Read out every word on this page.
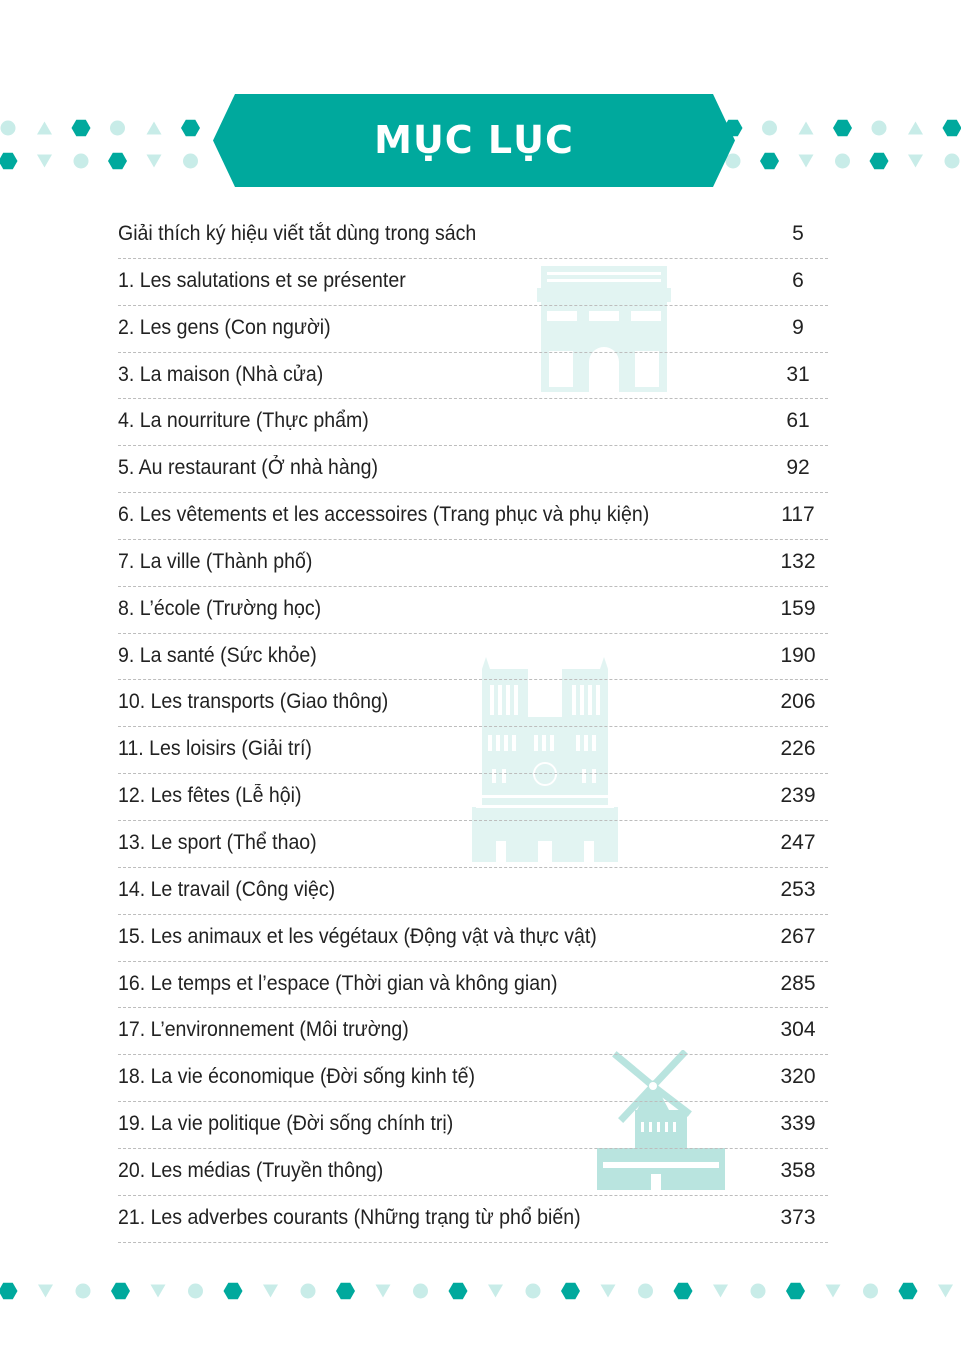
MỤC LỤC
Giải thích ký hiệu viết tắt dùng trong sách	5
1. Les salutations et se présenter	6
2. Les gens (Con người)	9
3. La maison (Nhà cửa)	31
4. La nourriture (Thực phẩm)	61
5. Au restaurant (Ở nhà hàng)	92
6. Les vêtements et les accessoires (Trang phục và phụ kiện)	117
7. La ville (Thành phố)	132
8. L’école (Trường học)	159
9. La santé (Sức khỏe)	190
10. Les transports (Giao thông)	206
11. Les loisirs (Giải trí)	226
12. Les fêtes (Lễ hội)	239
13. Le sport (Thể thao)	247
14. Le travail (Công việc)	253
15. Les animaux et les végétaux (Động vật và thực vật)	267
16. Le temps et l’espace (Thời gian và không gian)	285
17. L’environnement (Môi trường)	304
18. La vie économique (Đời sống kinh tế)	320
19. La vie politique (Đời sống chính trị)	339
20. Les médias (Truyền thông)	358
21. Les adverbes courants (Những trạng từ phổ biến)	373
